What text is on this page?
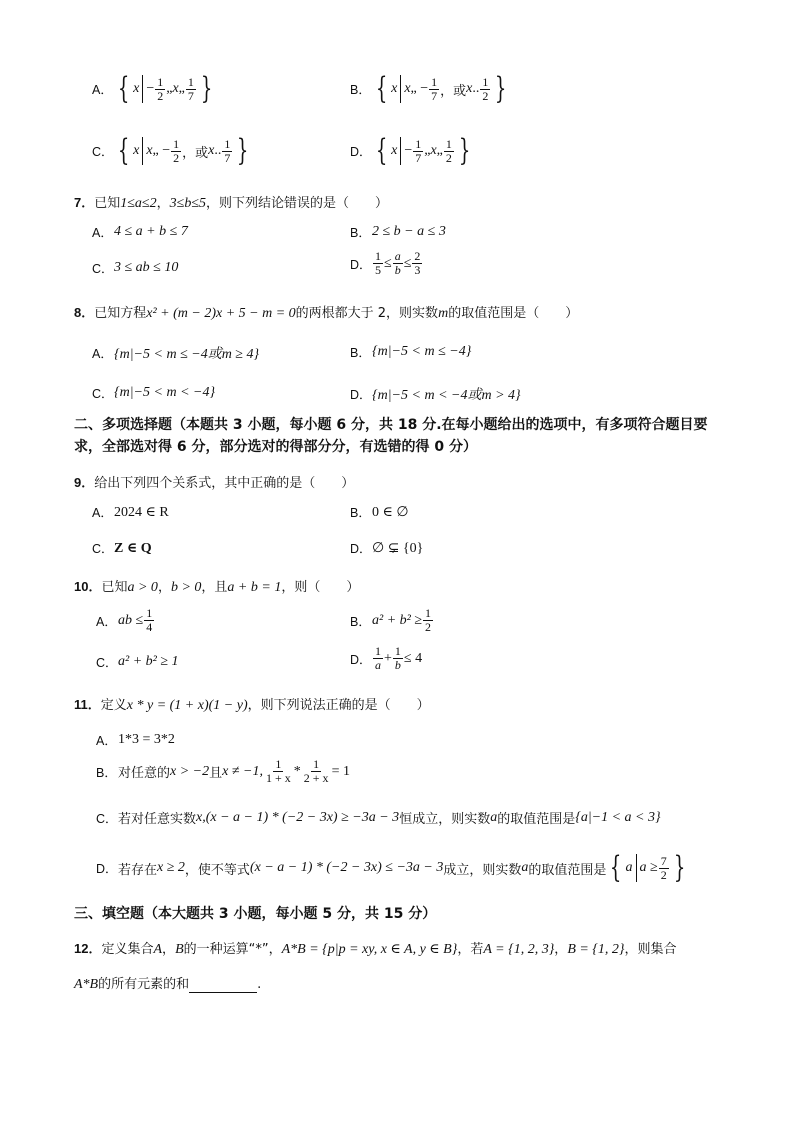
A． { $x - \frac{1}{2}$ „ x „ $\frac{1}{7}$ }	B． { x x „ − $\frac{1}{7}$ ，或 x .. $\frac{1}{2}$ }
C． { x x „ − $\frac{1}{2}$ ，或 x .. $\frac{1}{7}$ }	D． { $x - \frac{1}{7}$ „ x „ $\frac{1}{2}$ }
7．已知1≤a≤2，3≤b≤5，则下列结论错误的是（　　）
A． 4 ≤ a + b ≤ 7	B． 2 ≤ b − a ≤ 3
C． 3 ≤ ab ≤ 10	D． $\frac{1}{5} \le \frac{a}{b} \le \frac{2}{3}$
8．已知方程x² + (m − 2)x + 5 − m = 0的两根都大于 2，则实数m的取值范围是（　　）
A． {m|−5 < m ≤ −4或m ≥ 4}	B． {m|−5 < m ≤ −4}
C． {m|−5 < m < −4}	D． {m|−5 < m < −4或m > 4}
二、多项选择题（本题共 3 小题，每小题 6 分，共 18 分.在每小题给出的选项中，有多项符合题目要求，全部选对得 6 分，部分选对的得部分分，有选错的得 0 分）
9．给出下列四个关系式，其中正确的是（　　）
A． 2024 ∈ R	B． 0 ∈ ∅
C． Z ∈ Q	D． ∅ ⊊ {0}
10．已知a > 0，b > 0，且a + b = 1，则（　　）
A． ab ≤ $\frac{1}{4}$	B． $a^2 + b^2 \ge \frac{1}{2}$
C． a² + b² ≥ 1	D． $\frac{1}{a} + \frac{1}{b} \le 4$
11．定义x * y = (1 + x)(1 − y)，则下列说法正确的是（　　）
A． 1*3 = 3*2
B． 对任意的 x > −2 且 x ≠ −1, $\frac{1}{1 + x} * \frac{1}{2 + x} = 1$
C． 若对任意实数 x,(x − a − 1) * (−2 − 3x) ≥ −3a − 3 恒成立，则实数 a 的取值范围是 {a|−1 < a < 3}
D． 若存在 x ≥ 2 ，使不等式 (x − a − 1) * (−2 − 3x) ≤ −3a − 3 成立，则实数 a 的取值范围是 { a $a \ge \frac{7}{2}$ }
三、填空题（本大题共 3 小题，每小题 5 分，共 15 分）
12．定义集合A，B的一种运算“*”，A*B = {p|p = xy, x ∈ A, y ∈ B}，若A = {1, 2, 3}，B = {1, 2}，则集合
A*B的所有元素的和	.
